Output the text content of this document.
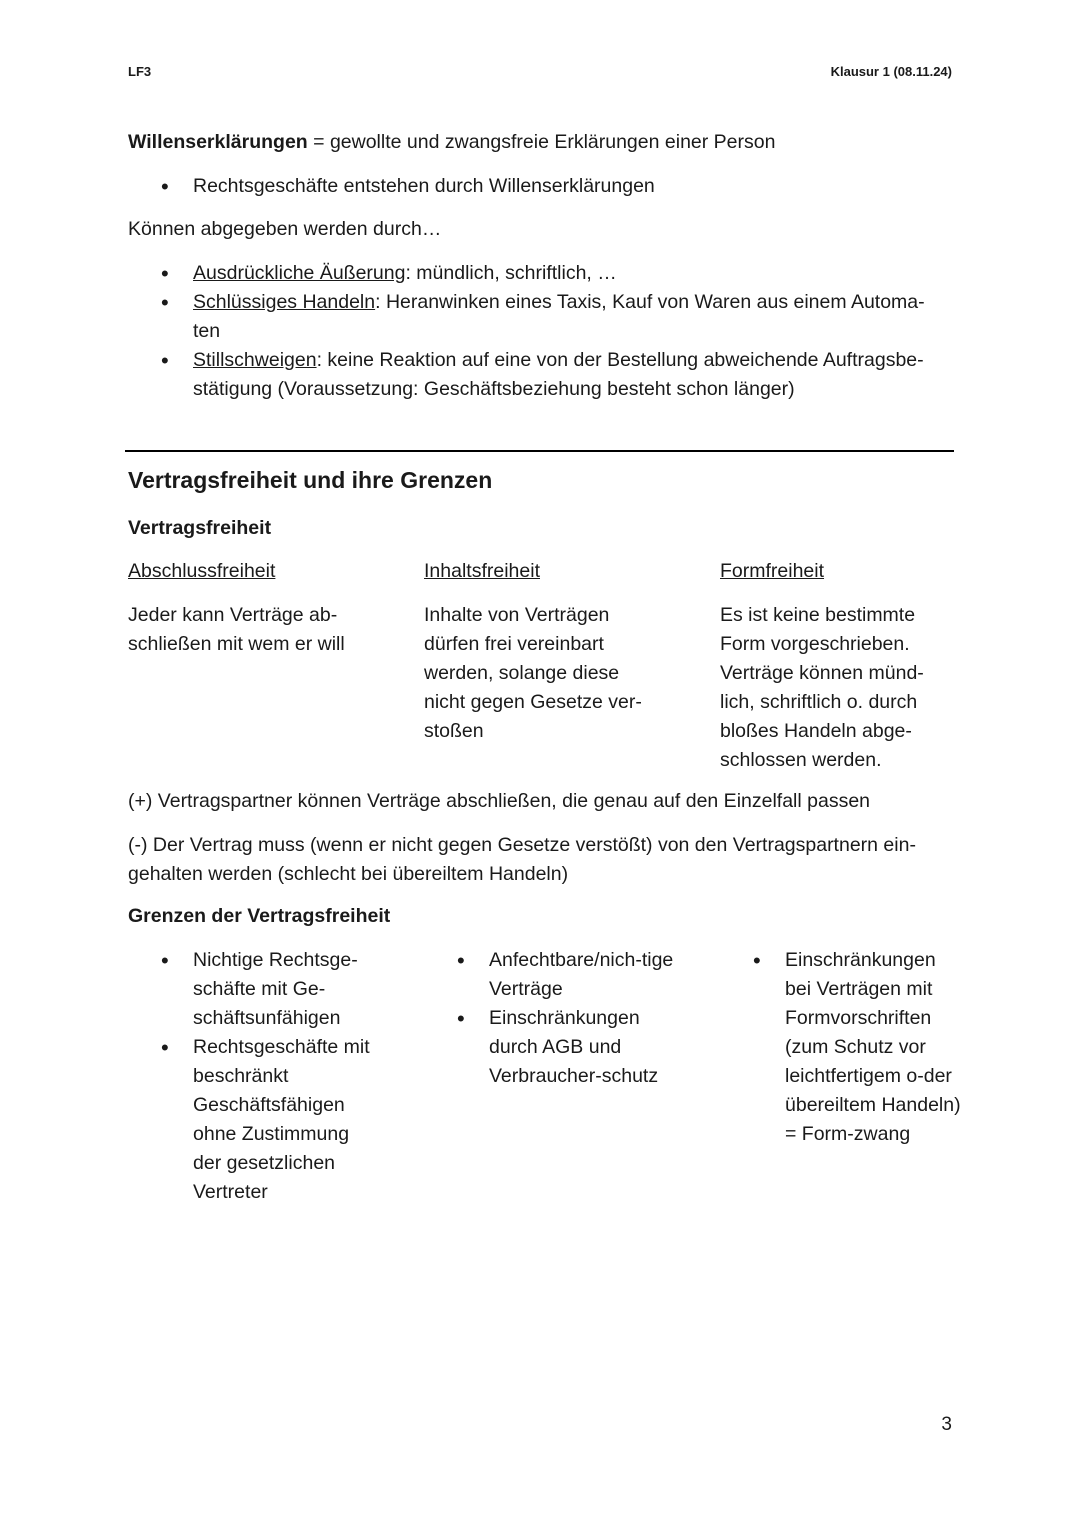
LF3	Klausur 1 (08.11.24)
Willenserklärungen = gewollte und zwangsfreie Erklärungen einer Person
• Rechtsgeschäfte entstehen durch Willenserklärungen
Können abgegeben werden durch…
• Ausdrückliche Äußerung: mündlich, schriftlich, …
• Schlüssiges Handeln: Heranwinken eines Taxis, Kauf von Waren aus einem Automa-ten
• Stillschweigen: keine Reaktion auf eine von der Bestellung abweichende Auftragsbe-stätigung (Voraussetzung: Geschäftsbeziehung besteht schon länger)
Vertragsfreiheit und ihre Grenzen
Vertragsfreiheit
Abschlussfreiheit
Jeder kann Verträge ab-schließen mit wem er will
Inhaltsfreiheit
Inhalte von Verträgen dürfen frei vereinbart werden, solange diese nicht gegen Gesetze ver-stoßen
Formfreiheit
Es ist keine bestimmte Form vorgeschrieben. Verträge können münd-lich, schriftlich o. durch bloßes Handeln abge-schlossen werden.
(+) Vertragspartner können Verträge abschließen, die genau auf den Einzelfall passen
(-) Der Vertrag muss (wenn er nicht gegen Gesetze verstößt) von den Vertragspartnern ein-gehalten werden (schlecht bei übereiltem Handeln)
Grenzen der Vertragsfreiheit
• Nichtige Rechtsge-schäfte mit Ge-schäftsunfähigen
• Rechtsgeschäfte mit beschränkt Geschäftsfähigen ohne Zustimmung der gesetzlichen Vertreter
• Anfechtbare/nich-tige Verträge
• Einschränkungen durch AGB und Verbraucher-schutz
• Einschränkungen bei Verträgen mit Formvorschriften (zum Schutz vor leichtfertigem o-der übereiltem Handeln) = Form-zwang
3
